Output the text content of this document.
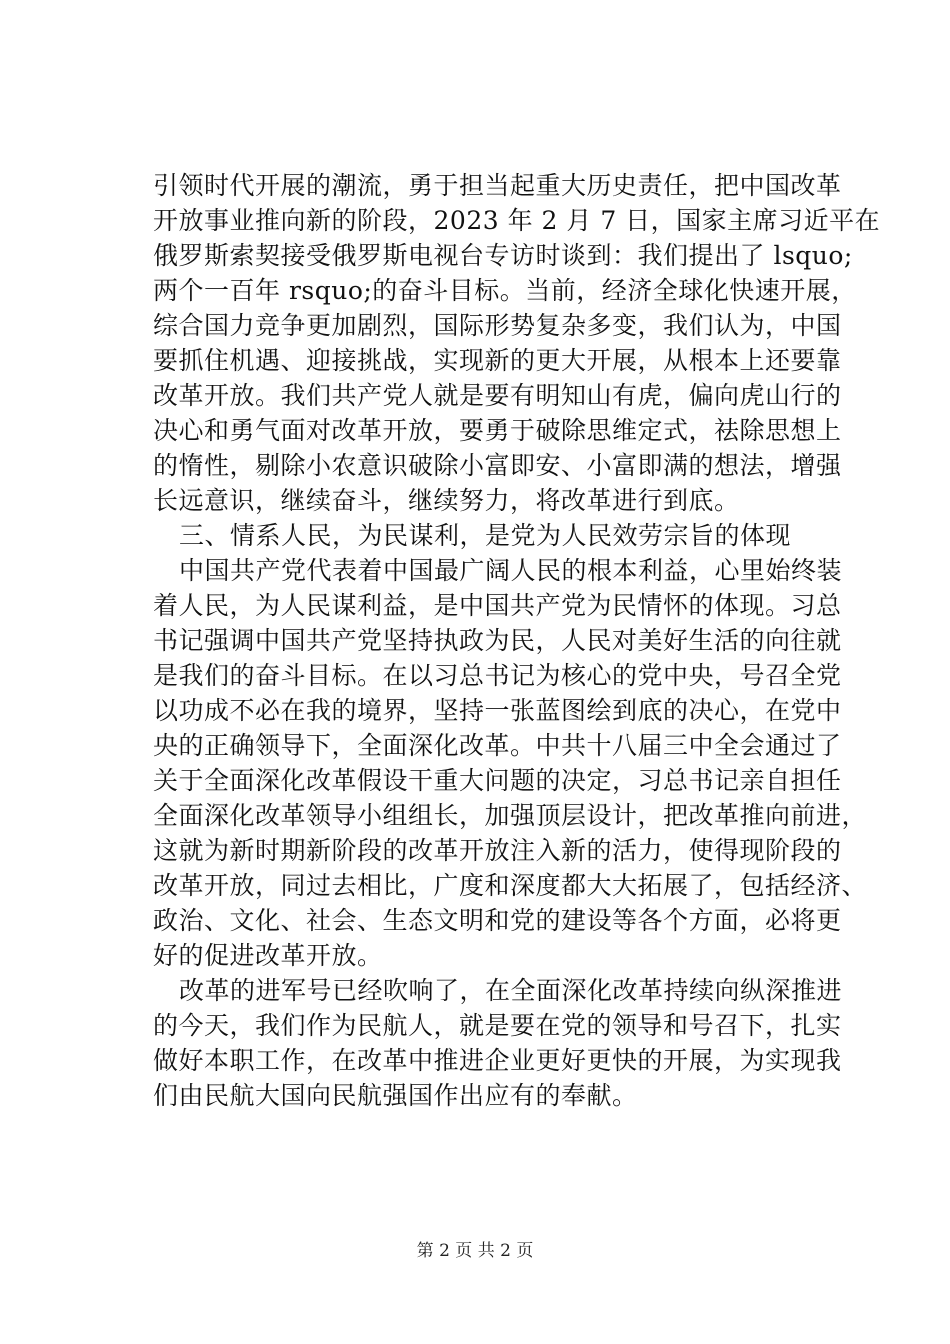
引领时代开展的潮流，勇于担当起重大历史责任，把中国改革
开放事业推向新的阶段，2023 年 2 月 7 日，国家主席习近平在
俄罗斯索契接受俄罗斯电视台专访时谈到：我们提出了 lsquo;
两个一百年 rsquo;的奋斗目标。当前，经济全球化快速开展，
综合国力竞争更加剧烈，国际形势复杂多变，我们认为，中国
要抓住机遇、迎接挑战，实现新的更大开展，从根本上还要靠
改革开放。我们共产党人就是要有明知山有虎，偏向虎山行的
决心和勇气面对改革开放，要勇于破除思维定式，祛除思想上
的惰性，剔除小农意识破除小富即安、小富即满的想法，增强
长远意识，继续奋斗，继续努力，将改革进行到底。
三、情系人民，为民谋利，是党为人民效劳宗旨的体现
中国共产党代表着中国最广阔人民的根本利益，心里始终装
着人民，为人民谋利益，是中国共产党为民情怀的体现。习总
书记强调中国共产党坚持执政为民，人民对美好生活的向往就
是我们的奋斗目标。在以习总书记为核心的党中央，号召全党
以功成不必在我的境界，坚持一张蓝图绘到底的决心，在党中
央的正确领导下，全面深化改革。中共十八届三中全会通过了
关于全面深化改革假设干重大问题的决定，习总书记亲自担任
全面深化改革领导小组组长，加强顶层设计，把改革推向前进，
这就为新时期新阶段的改革开放注入新的活力，使得现阶段的
改革开放，同过去相比，广度和深度都大大拓展了，包括经济、
政治、文化、社会、生态文明和党的建设等各个方面，必将更
好的促进改革开放。
改革的进军号已经吹响了，在全面深化改革持续向纵深推进
的今天，我们作为民航人，就是要在党的领导和号召下，扎实
做好本职工作，在改革中推进企业更好更快的开展，为实现我
们由民航大国向民航强国作出应有的奉献。
第 2 页 共 2 页
